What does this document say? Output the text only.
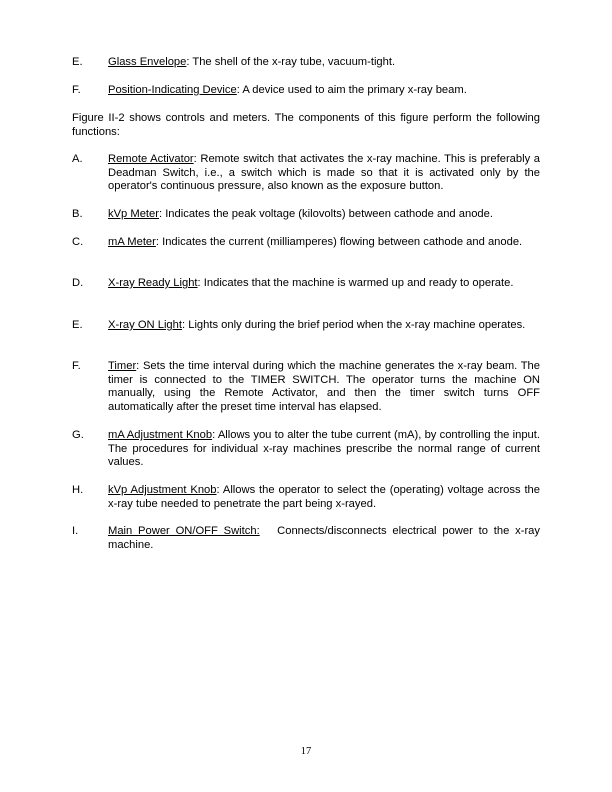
E. Glass Envelope: The shell of the x-ray tube, vacuum-tight.
F. Position-Indicating Device: A device used to aim the primary x-ray beam.
Figure II-2 shows controls and meters. The components of this figure perform the following functions:
A. Remote Activator: Remote switch that activates the x-ray machine. This is preferably a Deadman Switch, i.e., a switch which is made so that it is activated only by the operator's continuous pressure, also known as the exposure button.
B. kVp Meter: Indicates the peak voltage (kilovolts) between cathode and anode.
C. mA Meter: Indicates the current (milliamperes) flowing between cathode and anode.
D. X-ray Ready Light: Indicates that the machine is warmed up and ready to operate.
E. X-ray ON Light: Lights only during the brief period when the x-ray machine operates.
F. Timer: Sets the time interval during which the machine generates the x-ray beam. The timer is connected to the TIMER SWITCH. The operator turns the machine ON manually, using the Remote Activator, and then the timer switch turns OFF automatically after the preset time interval has elapsed.
G. mA Adjustment Knob: Allows you to alter the tube current (mA), by controlling the input. The procedures for individual x-ray machines prescribe the normal range of current values.
H. kVp Adjustment Knob: Allows the operator to select the (operating) voltage across the x-ray tube needed to penetrate the part being x-rayed.
I.	Main Power ON/OFF Switch: Connects/disconnects electrical power to the x-ray machine.
17
